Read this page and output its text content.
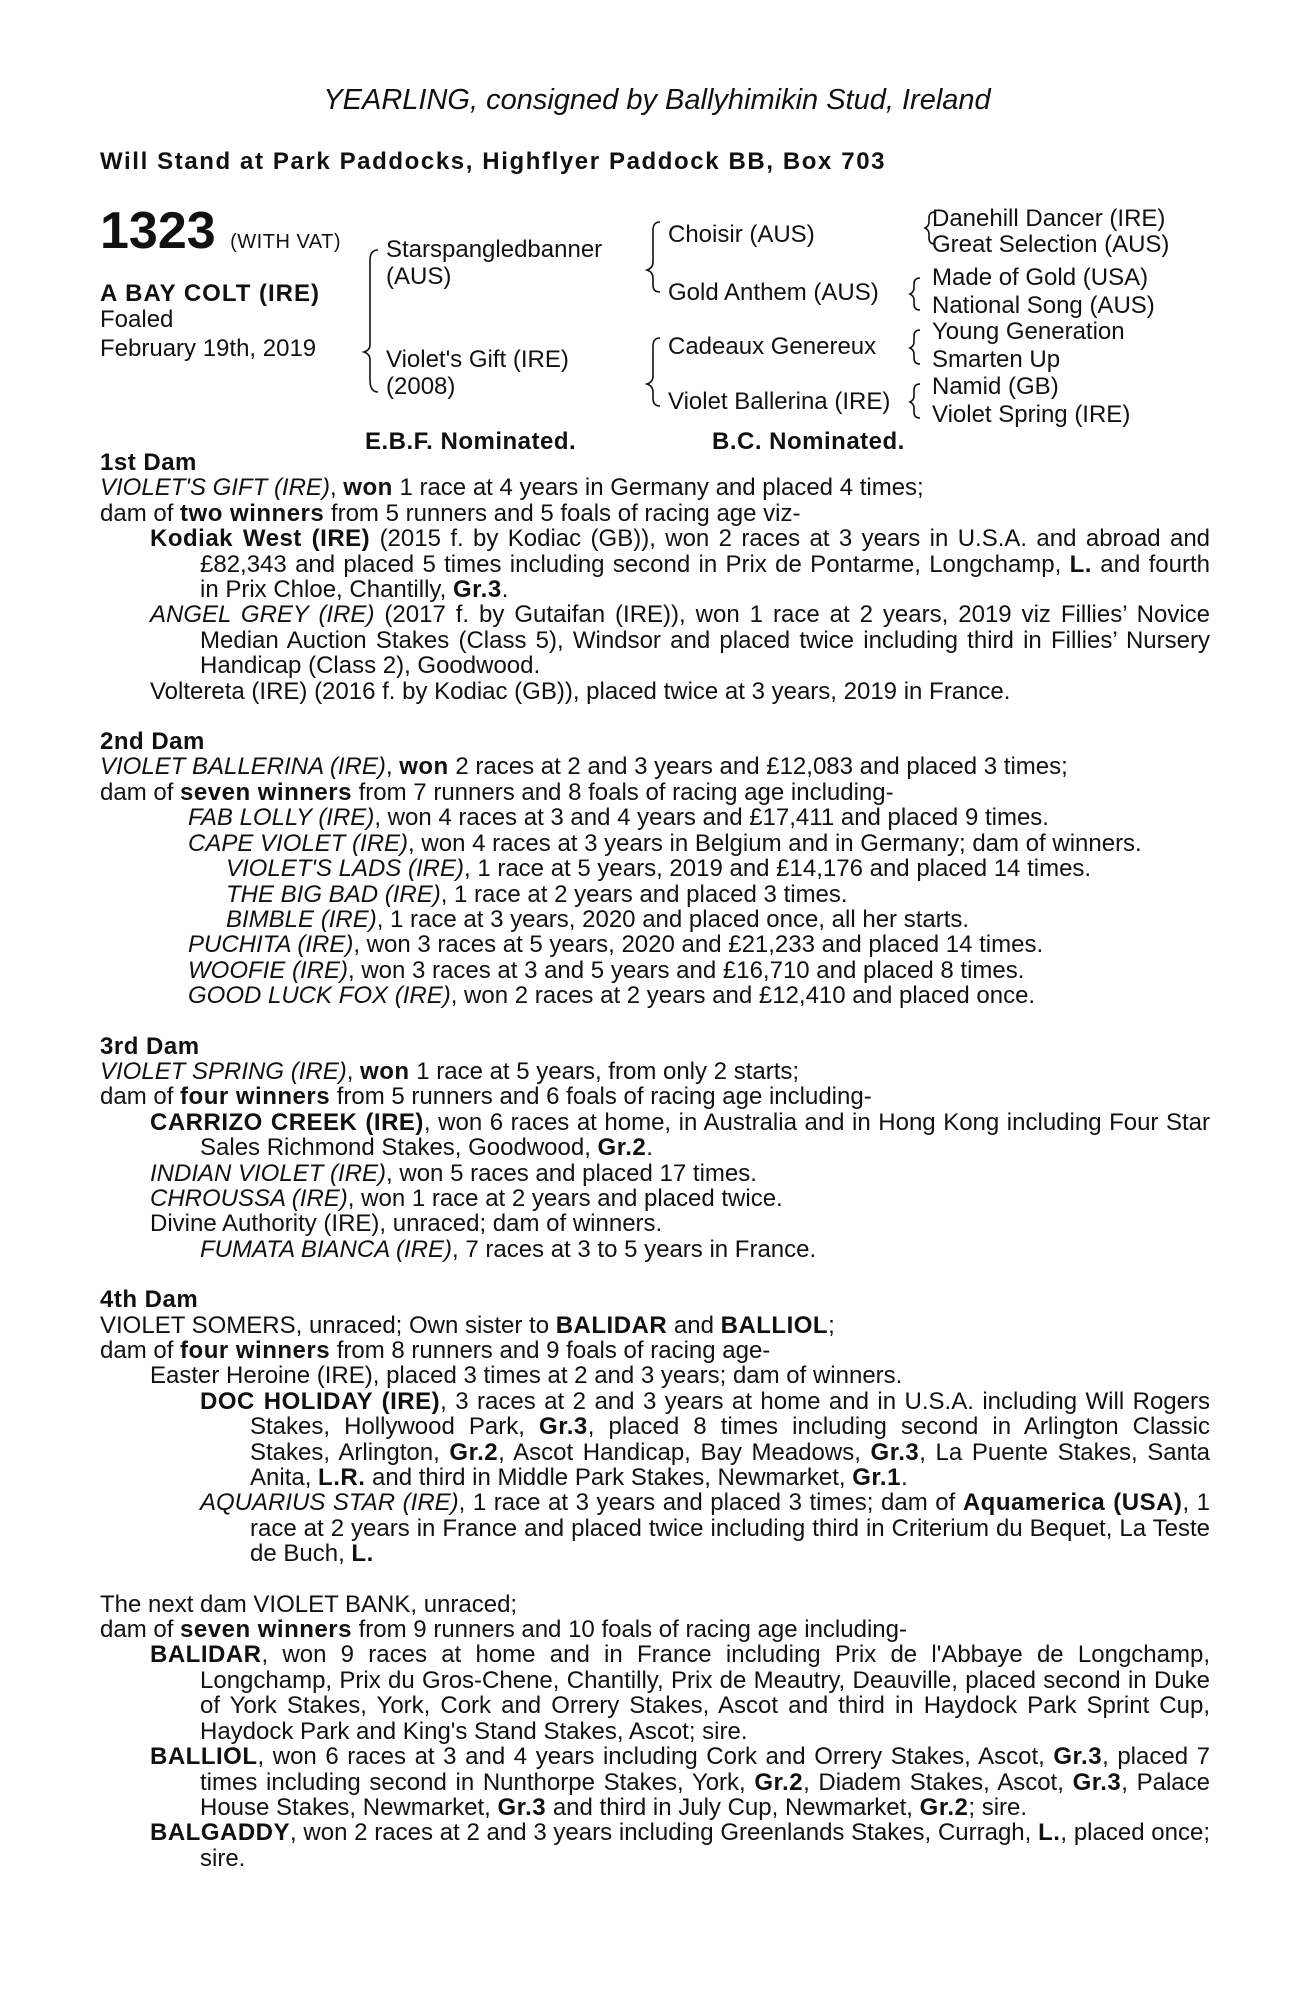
YEARLING, consigned by Ballyhimikin Stud, Ireland
Will Stand at Park Paddocks, Highflyer Paddock BB, Box 703
1323 (WITH VAT)
A BAY COLT (IRE)
Foaled
February 19th, 2019
Starspangledbanner
(AUS)
Violet's Gift (IRE)
(2008)
Choisir (AUS)
Gold Anthem (AUS)
Cadeaux Genereux
Violet Ballerina (IRE)
Danehill Dancer (IRE)
Great Selection (AUS)
Made of Gold (USA)
National Song (AUS)
Young Generation
Smarten Up
Namid (GB)
Violet Spring (IRE)
E.B.F. Nominated.	B.C. Nominated.
1st Dam

VIOLET'S GIFT (IRE), won 1 race at 4 years in Germany and placed 4 times;

dam of two winners from 5 runners and 5 foals of racing age viz-

Kodiak West (IRE) (2015 f. by Kodiac (GB)), won 2 races at 3 years in U.S.A. and abroad and £82,343 and placed 5 times including second in Prix de Pontarme, Longchamp, L. and fourth in Prix Chloe, Chantilly, Gr.3.

ANGEL GREY (IRE) (2017 f. by Gutaifan (IRE)), won 1 race at 2 years, 2019 viz Fillies’ Novice Median Auction Stakes (Class 5), Windsor and placed twice including third in Fillies’ Nursery Handicap (Class 2), Goodwood.

Voltereta (IRE) (2016 f. by Kodiac (GB)), placed twice at 3 years, 2019 in France.

2nd Dam

VIOLET BALLERINA (IRE), won 2 races at 2 and 3 years and £12,083 and placed 3 times;

dam of seven winners from 7 runners and 8 foals of racing age including-

FAB LOLLY (IRE), won 4 races at 3 and 4 years and £17,411 and placed 9 times.

CAPE VIOLET (IRE), won 4 races at 3 years in Belgium and in Germany; dam of winners.

VIOLET'S LADS (IRE), 1 race at 5 years, 2019 and £14,176 and placed 14 times.

THE BIG BAD (IRE), 1 race at 2 years and placed 3 times.

BIMBLE (IRE), 1 race at 3 years, 2020 and placed once, all her starts.

PUCHITA (IRE), won 3 races at 5 years, 2020 and £21,233 and placed 14 times.

WOOFIE (IRE), won 3 races at 3 and 5 years and £16,710 and placed 8 times.

GOOD LUCK FOX (IRE), won 2 races at 2 years and £12,410 and placed once.

3rd Dam

VIOLET SPRING (IRE), won 1 race at 5 years, from only 2 starts;

dam of four winners from 5 runners and 6 foals of racing age including-

CARRIZO CREEK (IRE), won 6 races at home, in Australia and in Hong Kong including Four Star Sales Richmond Stakes, Goodwood, Gr.2.

INDIAN VIOLET (IRE), won 5 races and placed 17 times.

CHROUSSA (IRE), won 1 race at 2 years and placed twice.

Divine Authority (IRE), unraced; dam of winners.

FUMATA BIANCA (IRE), 7 races at 3 to 5 years in France.

4th Dam

VIOLET SOMERS, unraced; Own sister to BALIDAR and BALLIOL;

dam of four winners from 8 runners and 9 foals of racing age-

Easter Heroine (IRE), placed 3 times at 2 and 3 years; dam of winners.

DOC HOLIDAY (IRE), 3 races at 2 and 3 years at home and in U.S.A. including Will Rogers Stakes, Hollywood Park, Gr.3, placed 8 times including second in Arlington Classic Stakes, Arlington, Gr.2, Ascot Handicap, Bay Meadows, Gr.3, La Puente Stakes, Santa Anita, L.R. and third in Middle Park Stakes, Newmarket, Gr.1.

AQUARIUS STAR (IRE), 1 race at 3 years and placed 3 times; dam of Aquamerica (USA), 1 race at 2 years in France and placed twice including third in Criterium du Bequet, La Teste de Buch, L.

The next dam VIOLET BANK, unraced;

dam of seven winners from 9 runners and 10 foals of racing age including-

BALIDAR, won 9 races at home and in France including Prix de l'Abbaye de Longchamp, Longchamp, Prix du Gros-Chene, Chantilly, Prix de Meautry, Deauville, placed second in Duke of York Stakes, York, Cork and Orrery Stakes, Ascot and third in Haydock Park Sprint Cup, Haydock Park and King's Stand Stakes, Ascot; sire.

BALLIOL, won 6 races at 3 and 4 years including Cork and Orrery Stakes, Ascot, Gr.3, placed 7 times including second in Nunthorpe Stakes, York, Gr.2, Diadem Stakes, Ascot, Gr.3, Palace House Stakes, Newmarket, Gr.3 and third in July Cup, Newmarket, Gr.2; sire.

BALGADDY, won 2 races at 2 and 3 years including Greenlands Stakes, Curragh, L., placed once; sire.
